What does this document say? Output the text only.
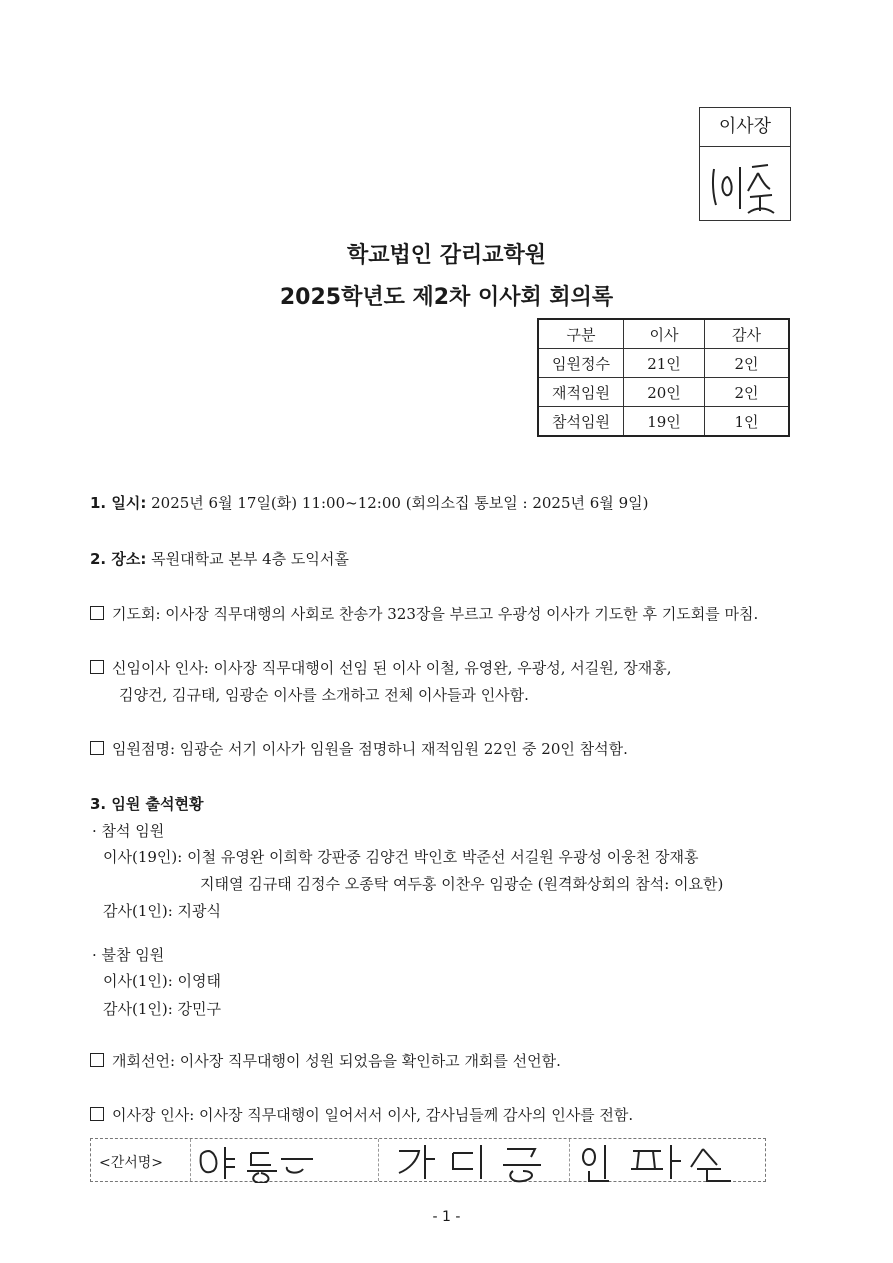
이사장
학교법인 감리교학원
2025학년도 제2차 이사회 회의록
구분	이사	감사
임원정수	21인	2인
재적임원	20인	2인
참석임원	19인	1인
1. 일시: 2025년 6월 17일(화) 11:00~12:00 (회의소집 통보일 : 2025년 6월 9일)
2. 장소: 목원대학교 본부 4층 도익서홀
기도회: 이사장 직무대행의 사회로 찬송가 323장을 부르고 우광성 이사가 기도한 후 기도회를 마침.
신임이사 인사: 이사장 직무대행이 선임 된 이사 이철, 유영완, 우광성, 서길원, 장재홍,
김양건, 김규태, 임광순 이사를 소개하고 전체 이사들과 인사함.
임원점명: 임광순 서기 이사가 임원을 점명하니 재적임원 22인 중 20인 참석함.
3. 임원 출석현황
· 참석 임원
이사(19인): 이철 유영완 이희학 강판중 김양건 박인호 박준선 서길원 우광성 이웅천 장재홍
지태열 김규태 김정수 오종탁 여두홍 이찬우 임광순 (원격화상회의 참석: 이요한)
감사(1인): 지광식
· 불참 임원
이사(1인): 이영태
감사(1인): 강민구
개회선언: 이사장 직무대행이 성원 되었음을 확인하고 개회를 선언함.
이사장 인사: 이사장 직무대행이 일어서서 이사, 감사님들께 감사의 인사를 전함.
<간서명>
- 1 -
